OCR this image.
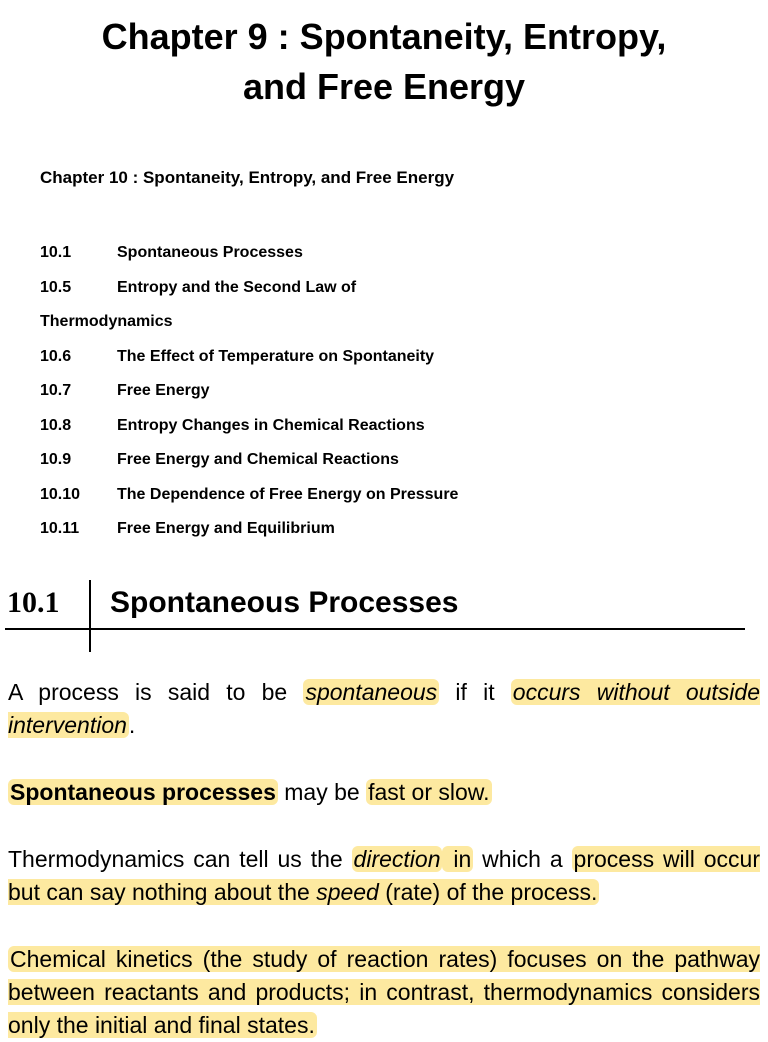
Chapter 9 : Spontaneity, Entropy,
and Free Energy
Chapter 10 : Spontaneity, Entropy, and Free Energy
10.1	Spontaneous Processes
10.5	Entropy and the Second Law of
Thermodynamics
10.6	The Effect of Temperature on Spontaneity
10.7	Free Energy
10.8	Entropy Changes in Chemical Reactions
10.9	Free Energy and Chemical Reactions
10.10	The Dependence of Free Energy on Pressure
10.11	Free Energy and Equilibrium
10.1 Spontaneous Processes
A process is said to be spontaneous if it occurs without outside intervention.
Spontaneous processes may be fast or slow.
Thermodynamics can tell us the direction in which a process will occur but can say nothing about the speed (rate) of the process.
Chemical kinetics (the study of reaction rates) focuses on the pathway between reactants and products; in contrast, thermodynamics considers only the initial and final states.
